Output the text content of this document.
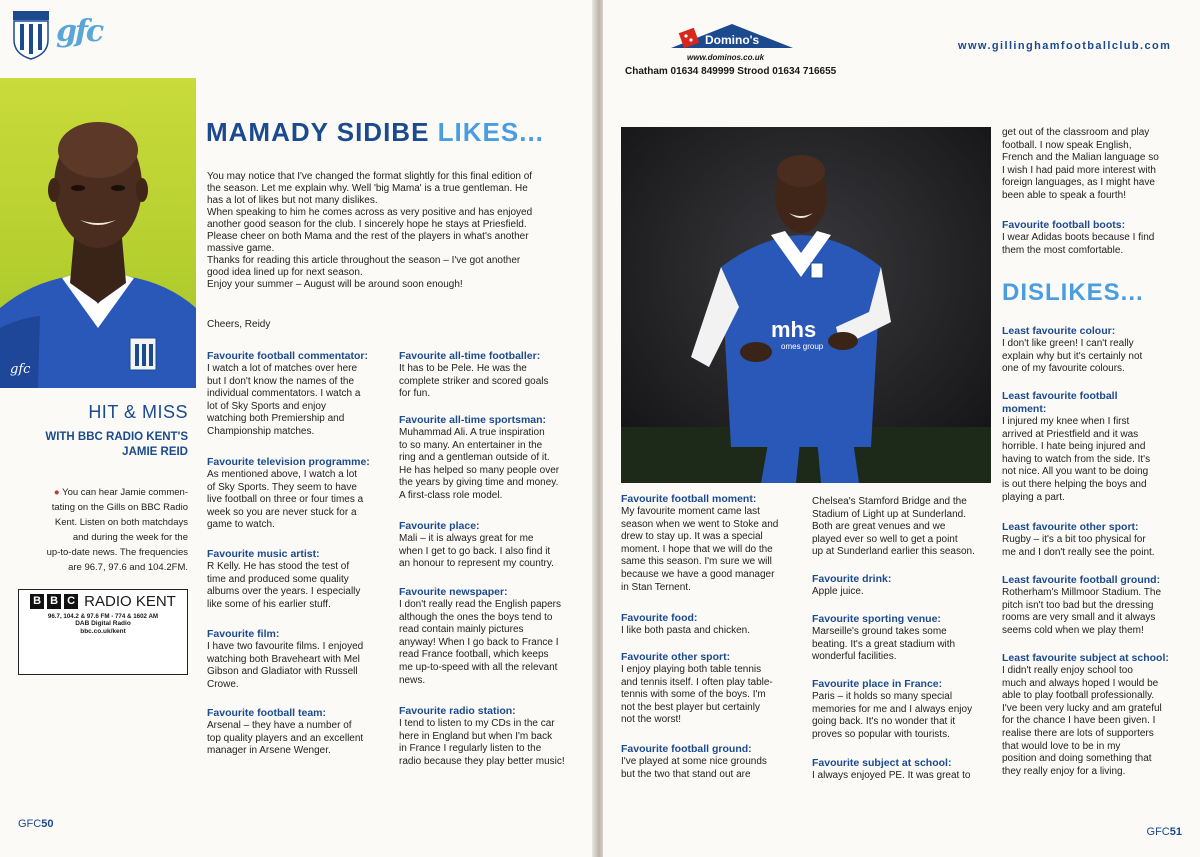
gfc
gfc
MAMADY SIDIBE LIKES...
You may notice that I've changed the format slightly for this final edition of
the season. Let me explain why. Well 'big Mama' is a true gentleman. He
has a lot of likes but not many dislikes.
When speaking to him he comes across as very positive and has enjoyed
another good season for the club. I sincerely hope he stays at Priesfield.
Please cheer on both Mama and the rest of the players in what's another
massive game.
Thanks for reading this article throughout the season – I've got another
good idea lined up for next season.
Enjoy your summer – August will be around soon enough!
Cheers, Reidy
Favourite football commentator:
I watch a lot of matches over here
but I don't know the names of the
individual commentators. I watch a
lot of Sky Sports and enjoy
watching both Premiership and
Championship matches.
Favourite television programme:
As mentioned above, I watch a lot
of Sky Sports. They seem to have
live football on three or four times a
week so you are never stuck for a
game to watch.
Favourite music artist:
R Kelly. He has stood the test of
time and produced some quality
albums over the years. I especially
like some of his earlier stuff.
Favourite film:
I have two favourite films. I enjoyed
watching both Braveheart with Mel
Gibson and Gladiator with Russell
Crowe.
Favourite football team:
Arsenal – they have a number of
top quality players and an excellent
manager in Arsene Wenger.
Favourite all-time footballer:
It has to be Pele. He was the
complete striker and scored goals
for fun.
Favourite all-time sportsman:
Muhammad Ali. A true inspiration
to so many. An entertainer in the
ring and a gentleman outside of it.
He has helped so many people over
the years by giving time and money.
A first-class role model.
Favourite place:
Mali – it is always great for me
when I get to go back. I also find it
an honour to represent my country.
Favourite newspaper:
I don't really read the English papers
although the ones the boys tend to
read contain mainly pictures
anyway! When I go back to France I
read France football, which keeps
me up-to-speed with all the relevant
news.
Favourite radio station:
I tend to listen to my CDs in the car
here in England but when I'm back
in France I regularly listen to the
radio because they play better music!
HIT & MISS
WITH BBC RADIO KENT'S
JAMIE REID
● You can hear Jamie commen-
tating on the Gills on BBC Radio
Kent. Listen on both matchdays
and during the week for the
up-to-date news. The frequencies
are 96.7, 97.6 and 104.2FM.
B B C RADIO KENT
96.7, 104.2 & 97.6 FM - 774 & 1602 AM
DAB Digital Radio
bbc.co.uk/kent
GFC50
Domino's
www.dominos.co.uk
Chatham 01634 849999 Strood 01634 716655
www.gillinghamfootballclub.com
mhs
omes group
Favourite football moment:
My favourite moment came last
season when we went to Stoke and
drew to stay up. It was a special
moment. I hope that we will do the
same this season. I'm sure we will
because we have a good manager
in Stan Ternent.
Favourite food:
I like both pasta and chicken.
Favourite other sport:
I enjoy playing both table tennis
and tennis itself. I often play table-
tennis with some of the boys. I'm
not the best player but certainly
not the worst!
Favourite football ground:
I've played at some nice grounds
but the two that stand out are
Chelsea's Stamford Bridge and the
Stadium of Light up at Sunderland.
Both are great venues and we
played ever so well to get a point
up at Sunderland earlier this season.
Favourite drink:
Apple juice.
Favourite sporting venue:
Marseille's ground takes some
beating. It's a great stadium with
wonderful facilities.
Favourite place in France:
Paris – it holds so many special
memories for me and I always enjoy
going back. It's no wonder that it
proves so popular with tourists.
Favourite subject at school:
I always enjoyed PE. It was great to
get out of the classroom and play
football. I now speak English,
French and the Malian language so
I wish I had paid more interest with
foreign languages, as I might have
been able to speak a fourth!
Favourite football boots:
I wear Adidas boots because I find
them the most comfortable.
DISLIKES...
Least favourite colour:
I don't like green! I can't really
explain why but it's certainly not
one of my favourite colours.
Least favourite football
moment:
I injured my knee when I first
arrived at Priestfield and it was
horrible. I hate being injured and
having to watch from the side. It's
not nice. All you want to be doing
is out there helping the boys and
playing a part.
Least favourite other sport:
Rugby – it's a bit too physical for
me and I don't really see the point.
Least favourite football ground:
Rotherham's Millmoor Stadium. The
pitch isn't too bad but the dressing
rooms are very small and it always
seems cold when we play them!
Least favourite subject at school:
I didn't really enjoy school too
much and always hoped I would be
able to play football professionally.
I've been very lucky and am grateful
for the chance I have been given. I
realise there are lots of supporters
that would love to be in my
position and doing something that
they really enjoy for a living.
GFC51
